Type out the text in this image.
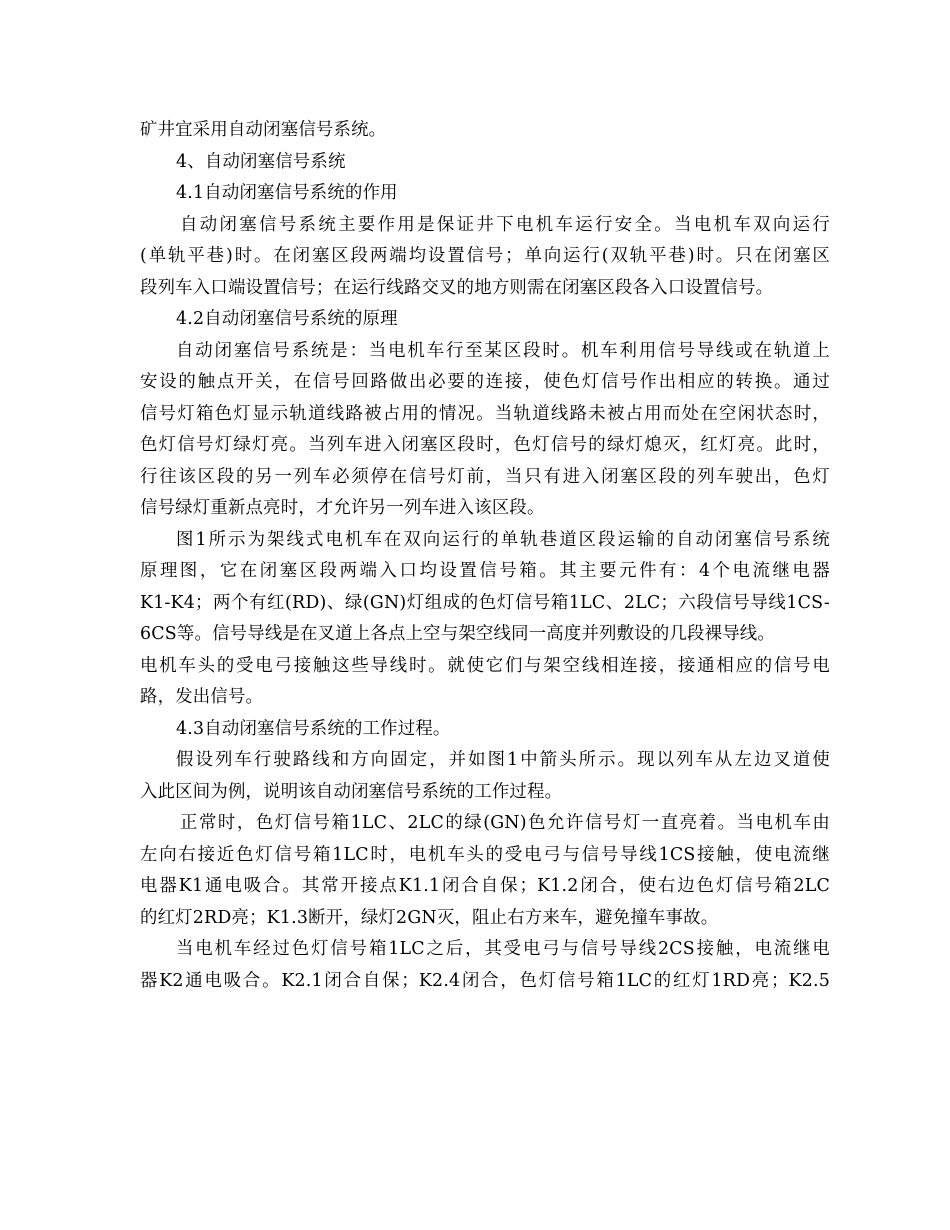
矿井宜采用自动闭塞信号系统。
4、自动闭塞信号系统
4.1自动闭塞信号系统的作用
自动闭塞信号系统主要作用是保证井下电机车运行安全。当电机车双向运行
(单轨平巷)时。在闭塞区段两端均设置信号；单向运行(双轨平巷)时。只在闭塞区
段列车入口端设置信号；在运行线路交叉的地方则需在闭塞区段各入口设置信号。
4.2自动闭塞信号系统的原理
自动闭塞信号系统是：当电机车行至某区段时。机车利用信号导线或在轨道上
安设的触点开关，在信号回路做出必要的连接，使色灯信号作出相应的转换。通过
信号灯箱色灯显示轨道线路被占用的情况。当轨道线路未被占用而处在空闲状态时，
色灯信号灯绿灯亮。当列车进入闭塞区段时，色灯信号的绿灯熄灭，红灯亮。此时，
行往该区段的另一列车必须停在信号灯前，当只有进入闭塞区段的列车驶出，色灯
信号绿灯重新点亮时，才允许另一列车进入该区段。
图1所示为架线式电机车在双向运行的单轨巷道区段运输的自动闭塞信号系统
原理图，它在闭塞区段两端入口均设置信号箱。其主要元件有：4个电流继电器
K1-K4；两个有红(RD)、绿(GN)灯组成的色灯信号箱1LC、2LC；六段信号导线1CS-
6CS等。信号导线是在叉道上各点上空与架空线同一高度并列敷设的几段裸导线。
电机车头的受电弓接触这些导线时。就使它们与架空线相连接，接通相应的信号电
路，发出信号。
4.3自动闭塞信号系统的工作过程。
假设列车行驶路线和方向固定，并如图1中箭头所示。现以列车从左边叉道使
入此区间为例，说明该自动闭塞信号系统的工作过程。
正常时，色灯信号箱1LC、2LC的绿(GN)色允许信号灯一直亮着。当电机车由
左向右接近色灯信号箱1LC时，电机车头的受电弓与信号导线1CS接触，使电流继
电器K1通电吸合。其常开接点K1.1闭合自保；K1.2闭合，使右边色灯信号箱2LC
的红灯2RD亮；K1.3断开，绿灯2GN灭，阻止右方来车，避免撞车事故。
当电机车经过色灯信号箱1LC之后，其受电弓与信号导线2CS接触，电流继电
器K2通电吸合。K2.1闭合自保；K2.4闭合，色灯信号箱1LC的红灯1RD亮；K2.5
